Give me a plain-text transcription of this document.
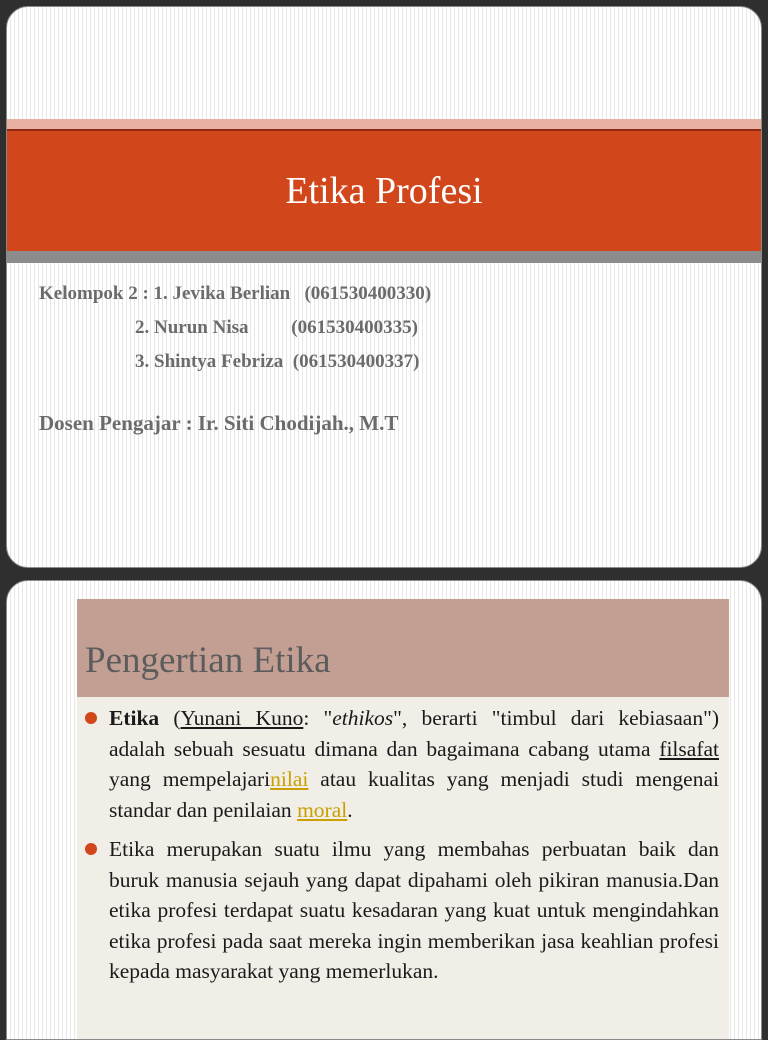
Etika Profesi
Kelompok 2 : 1. Jevika Berlian   (061530400330)
2. Nurun Nisa         (061530400335)
3. Shintya Febriza  (061530400337)
Dosen Pengajar : Ir. Siti Chodijah., M.T
Pengertian Etika
Etika (Yunani Kuno: "ethikos", berarti "timbul dari kebiasaan") adalah sebuah sesuatu dimana dan bagaimana cabang utama filsafat yang mempelajarinilai atau kualitas yang menjadi studi mengenai standar dan penilaian moral.
Etika merupakan suatu ilmu yang membahas perbuatan baik dan buruk manusia sejauh yang dapat dipahami oleh pikiran manusia.Dan etika profesi terdapat suatu kesadaran yang kuat untuk mengindahkan etika profesi pada saat mereka ingin memberikan jasa keahlian profesi kepada masyarakat yang memerlukan.
